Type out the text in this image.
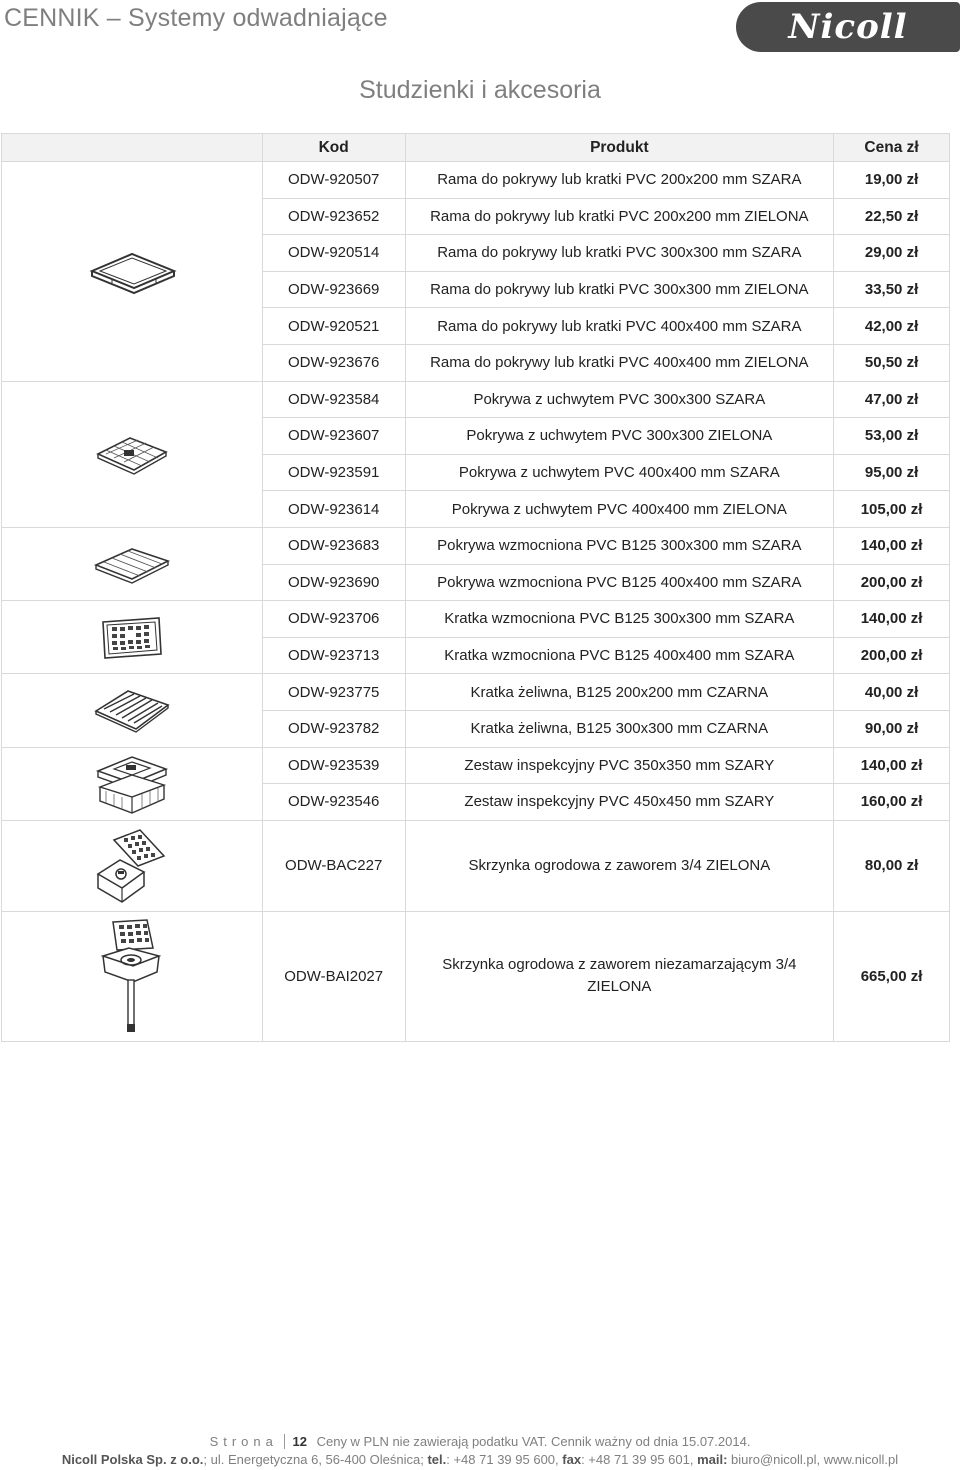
CENNIK – Systemy odwadniające	Nicoll
Studzienki i akcesoria
	Kod	Produkt	Cena zł

	ODW-920507	Rama do pokrywy lub kratki PVC 200x200 mm SZARA	19,00 zł
	ODW-923652	Rama do pokrywy lub kratki PVC 200x200 mm ZIELONA	22,50 zł
	ODW-920514	Rama do pokrywy lub kratki PVC 300x300 mm SZARA	29,00 zł
	ODW-923669	Rama do pokrywy lub kratki PVC 300x300 mm ZIELONA	33,50 zł
	ODW-920521	Rama do pokrywy lub kratki PVC 400x400 mm SZARA	42,00 zł
	ODW-923676	Rama do pokrywy lub kratki PVC 400x400 mm ZIELONA	50,50 zł

	ODW-923584	Pokrywa z uchwytem PVC 300x300 SZARA	47,00 zł
	ODW-923607	Pokrywa z uchwytem PVC 300x300 ZIELONA	53,00 zł
	ODW-923591	Pokrywa z uchwytem PVC 400x400 mm SZARA	95,00 zł
	ODW-923614	Pokrywa z uchwytem PVC 400x400 mm ZIELONA	105,00 zł

	ODW-923683	Pokrywa wzmocniona PVC B125 300x300 mm SZARA	140,00 zł
	ODW-923690	Pokrywa wzmocniona PVC B125 400x400 mm SZARA	200,00 zł

	ODW-923706	Kratka wzmocniona PVC B125 300x300 mm SZARA	140,00 zł
	ODW-923713	Kratka wzmocniona PVC B125 400x400 mm SZARA	200,00 zł

	ODW-923775	Kratka żeliwna, B125 200x200 mm CZARNA	40,00 zł
	ODW-923782	Kratka żeliwna, B125 300x300 mm CZARNA	90,00 zł

	ODW-923539	Zestaw inspekcyjny PVC 350x350 mm SZARY	140,00 zł
	ODW-923546	Zestaw inspekcyjny PVC 450x450 mm SZARY	160,00 zł

	ODW-BAC227	Skrzynka ogrodowa z zaworem 3/4 ZIELONA	80,00 zł

	ODW-BAI2027	Skrzynka ogrodowa z zaworem niezamarzającym 3/4
ZIELONA	665,00 zł
Strona 12 Ceny w PLN nie zawierają podatku VAT. Cennik ważny od dnia 15.07.2014.
Nicoll Polska Sp. z o.o.; ul. Energetyczna 6, 56-400 Oleśnica; tel.: +48 71 39 95 600, fax: +48 71 39 95 601, mail: biuro@nicoll.pl, www.nicoll.pl
